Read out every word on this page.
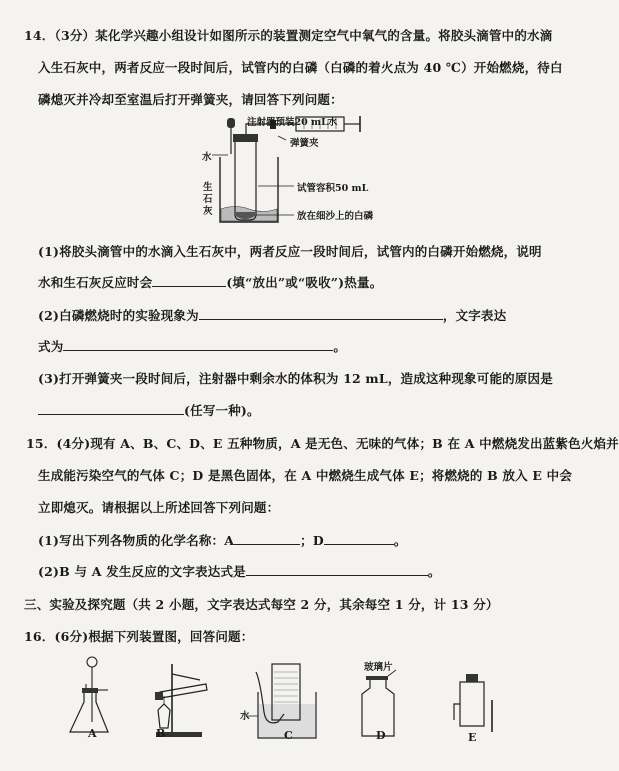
14．（3分）某化学兴趣小组设计如图所示的装置测定空气中氧气的含量。将胶头滴管中的水滴
入生石灰中，两者反应一段时间后，试管内的白磷（白磷的着火点为 40 ℃）开始燃烧，待白
磷熄灭并冷却至室温后打开弹簧夹，请回答下列问题：
注射器预装20 mL水
水
弹簧夹
试管容积50 mL
生石灰	放在细沙上的白磷
(1)将胶头滴管中的水滴入生石灰中，两者反应一段时间后，试管内的白磷开始燃烧，说明
水和生石灰反应时会	(填“放出”或“吸收”)热量。
(2)白磷燃烧时的实验现象为	，文字表达
式为	。
(3)打开弹簧夹一段时间后，注射器中剩余水的体积为 12 mL，造成这种现象可能的原因是
(任写一种)。
15．(4分)现有 A、B、C、D、E 五种物质，A 是无色、无味的气体；B 在 A 中燃烧发出蓝紫色火焰并
生成能污染空气的气体 C；D 是黑色固体，在 A 中燃烧生成气体 E；将燃烧的 B 放入 E 中会
立即熄灭。请根据以上所述回答下列问题：
(1)写出下列各物质的化学名称：A	；D	。
(2)B 与 A 发生反应的文字表达式是	。
三、实验及探究题（共 2 小题，文字表达式每空 2 分，其余每空 1 分，计 13 分）
16．(6分)根据下列装置图，回答问题：
玻璃片
水
A	B	C	D	E
